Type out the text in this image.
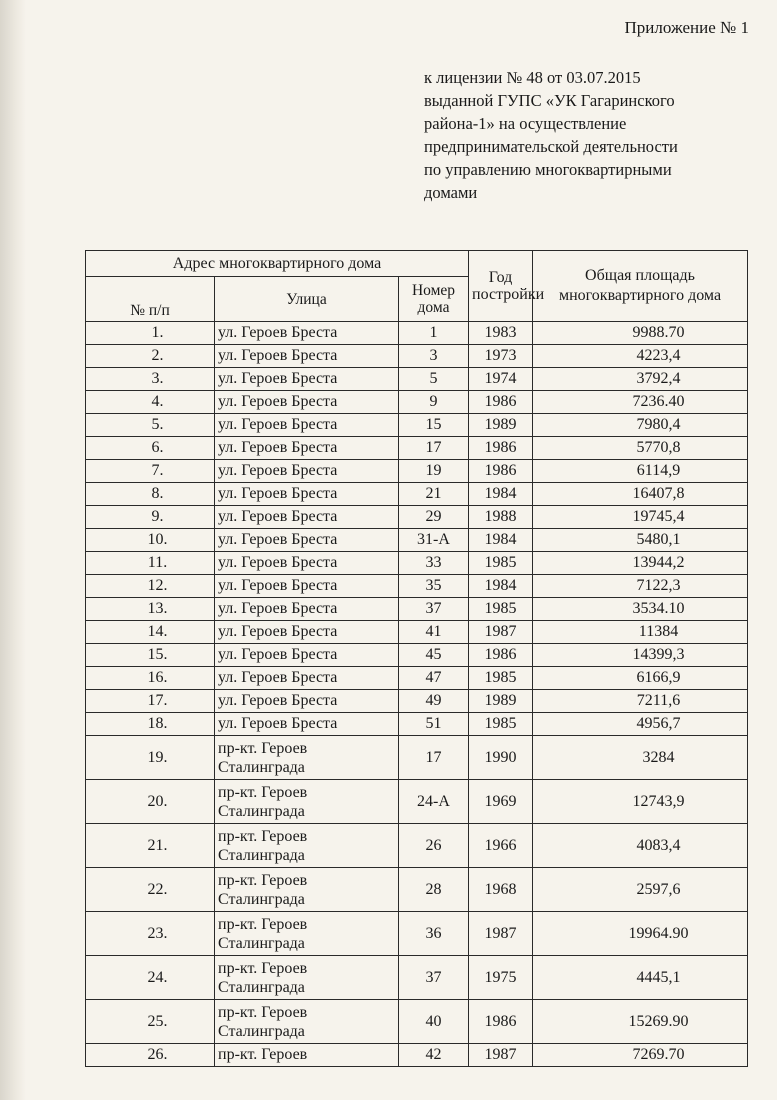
Приложение № 1
к лицензии № 48 от 03.07.2015
выданной ГУПС «УК Гагаринского
района-1» на осуществление
предпринимательской деятельности
по управлению многоквартирными
домами
Адрес многоквартирного дома			Год постройки	Общая площадь многоквартирного дома
№ п/п	Улица	Номер дома		
1.	ул. Героев Бреста	1	1983	9988.70
2.	ул. Героев Бреста	3	1973	4223,4
3.	ул. Героев Бреста	5	1974	3792,4
4.	ул. Героев Бреста	9	1986	7236.40
5.	ул. Героев Бреста	15	1989	7980,4
6.	ул. Героев Бреста	17	1986	5770,8
7.	ул. Героев Бреста	19	1986	6114,9
8.	ул. Героев Бреста	21	1984	16407,8
9.	ул. Героев Бреста	29	1988	19745,4
10.	ул. Героев Бреста	31-А	1984	5480,1
11.	ул. Героев Бреста	33	1985	13944,2
12.	ул. Героев Бреста	35	1984	7122,3
13.	ул. Героев Бреста	37	1985	3534.10
14.	ул. Героев Бреста	41	1987	11384
15.	ул. Героев Бреста	45	1986	14399,3
16.	ул. Героев Бреста	47	1985	6166,9
17.	ул. Героев Бреста	49	1989	7211,6
18.	ул. Героев Бреста	51	1985	4956,7
19.	пр-кт. Героев Сталинграда	17	1990	3284
20.	пр-кт. Героев Сталинграда	24-А	1969	12743,9
21.	пр-кт. Героев Сталинграда	26	1966	4083,4
22.	пр-кт. Героев Сталинграда	28	1968	2597,6
23.	пр-кт. Героев Сталинграда	36	1987	19964.90
24.	пр-кт. Героев Сталинграда	37	1975	4445,1
25.	пр-кт. Героев Сталинграда	40	1986	15269.90
26.	пр-кт. Героев	42	1987	7269.70
